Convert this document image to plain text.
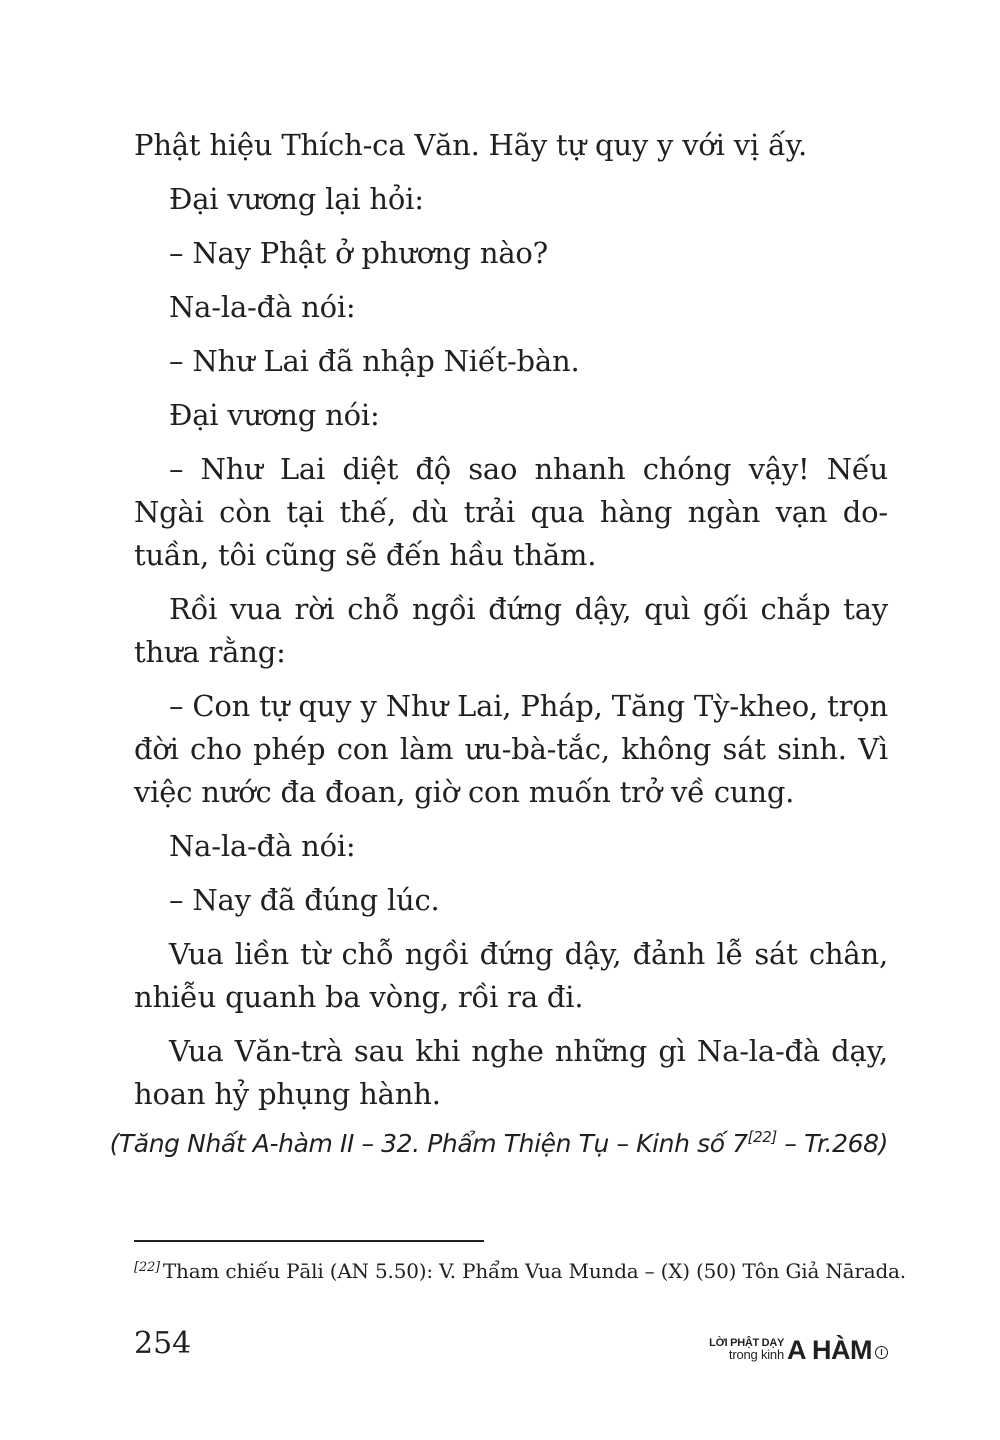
Phật hiệu Thích-ca Văn. Hãy tự quy y với vị ấy.

Đại vương lại hỏi:

– Nay Phật ở phương nào?

Na-la-đà nói:

– Như Lai đã nhập Niết-bàn.

Đại vương nói:

– Như Lai diệt độ sao nhanh chóng vậy! Nếu Ngài còn tại thế, dù trải qua hàng ngàn vạn do-tuần, tôi cũng sẽ đến hầu thăm.

Rồi vua rời chỗ ngồi đứng dậy, quì gối chắp tay thưa rằng:

– Con tự quy y Như Lai, Pháp, Tăng Tỳ-kheo, trọn đời cho phép con làm ưu-bà-tắc, không sát sinh. Vì việc nước đa đoan, giờ con muốn trở về cung.

Na-la-đà nói:

– Nay đã đúng lúc.

Vua liền từ chỗ ngồi đứng dậy, đảnh lễ sát chân, nhiễu quanh ba vòng, rồi ra đi.

Vua Văn-trà sau khi nghe những gì Na-la-đà dạy, hoan hỷ phụng hành.

(Tăng Nhất A-hàm II – 32. Phẩm Thiện Tụ – Kinh số 7[22] – Tr.268)
[22] Tham chiếu Pāli (AN 5.50): V. Phẩm Vua Munda – (X) (50) Tôn Giả Nārada.
254	LỜI PHẬT DẠY
trong kinh A HÀM	I
